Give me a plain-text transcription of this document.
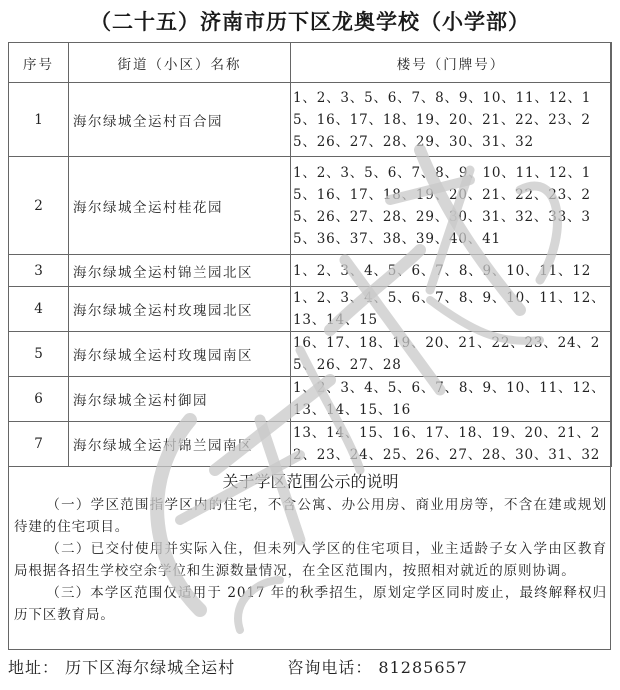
（二十五）济南市历下区龙奥学校（小学部）
序号	街道（小区）名称	楼号（门牌号）
1	海尔绿城全运村百合园	1、2、3、5、6、7、8、9、10、11、12、15、16、17、18、19、20、21、22、23、25、26、27、28、29、30、31、32
2	海尔绿城全运村桂花园	1、2、3、5、6、7、8、9、10、11、12、15、16、17、18、19、20、21、22、23、25、26、27、28、29、30、31、32、33、35、36、37、38、39、40、41
3	海尔绿城全运村锦兰园北区	1、2、3、4、5、6、7、8、9、10、11、12
4	海尔绿城全运村玫瑰园北区	1、2、3、4、5、6、7、8、9、10、11、12、13、14、15
5	海尔绿城全运村玫瑰园南区	16、17、18、19、20、21、22、23、24、25、26、27、28
6	海尔绿城全运村御园	1、2、3、4、5、6、7、8、9、10、11、12、13、14、15、16
7	海尔绿城全运村锦兰园南区	13、14、15、16、17、18、19、20、21、22、23、24、25、26、27、28、30、31、32
关于学区范围公示的说明

（一）学区范围指学区内的住宅，不含公寓、办公用房、商业用房等，不含在建或规划待建的住宅项目。

（二）已交付使用并实际入住，但未列入学区的住宅项目，业主适龄子女入学由区教育局根据各招生学校空余学位和生源数量情况，在全区范围内，按照相对就近的原则协调。

（三）本学区范围仅适用于 2017 年的秋季招生，原划定学区同时废止，最终解释权归历下区教育局。

地址： 历下区海尔绿城全运村	咨询电话： 81285657
